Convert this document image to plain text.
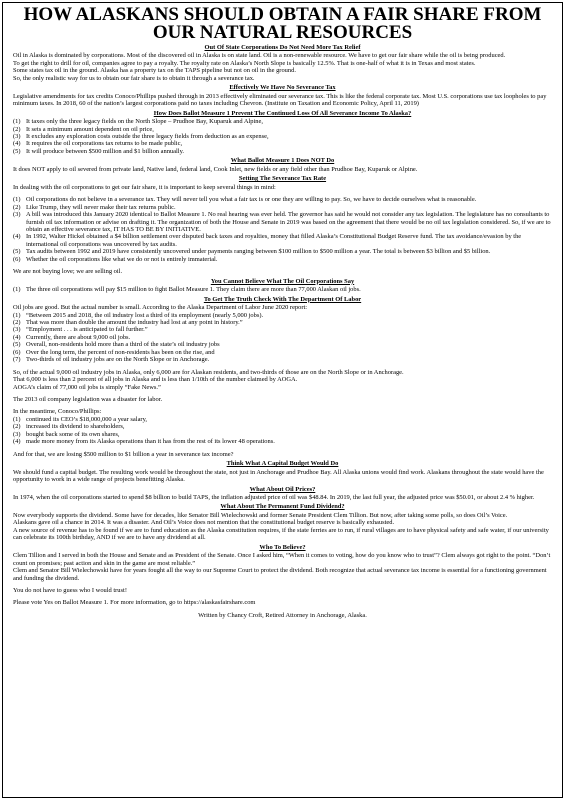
HOW ALASKANS SHOULD OBTAIN A FAIR SHARE FROM
OUR NATURAL RESOURCES
Out Of State Corporations Do Not Need More Tax Relief

Oil in Alaska is dominated by corporations. Most of the discovered oil in Alaska is on state land. Oil is a non-renewable resource. We have to get our fair share while the oil is being produced.

To get the right to drill for oil, companies agree to pay a royalty. The royalty rate on Alaska’s North Slope is basically 12.5%. That is one-half of what it is in Texas and most states.

Some states tax oil in the ground. Alaska has a property tax on the TAPS pipeline but not on oil in the ground.

So, the only realistic way for us to obtain our fair share is to obtain it through a severance tax.

Effectively We Have No Severance Tax

Legislative amendments for tax credits Conoco/Phillips pushed through in 2013 effectively eliminated our severance tax. This is like the federal corporate tax. Most U.S. corporations use tax loopholes to pay minimum taxes. In 2018, 60 of the nation’s largest corporations paid no taxes including Chevron. (Institute on Taxation and Economic Policy, April 11, 2019)

How Does Ballot Measure 1 Prevent The Continued Loss Of All Severance Income To Alaska?
(1) It taxes only the three legacy fields on the North Slope – Prudhoe Bay, Kuparuk and Alpine,
(2) It sets a minimum amount dependent on oil price,
(3) It excludes any exploration costs outside the three legacy fields from deduction as an expense,
(4) It requires the oil corporations tax returns to be made public,
(5) It will produce between $500 million and $1 billion annually.
What Ballot Measure 1 Does NOT Do

It does NOT apply to oil severed from private land, Native land, federal land, Cook Inlet, new fields or any field other than Prudhoe Bay, Kuparuk or Alpine.

Setting The Severance Tax Rate

In dealing with the oil corporations to get our fair share, it is important to keep several things in mind:

(1) Oil corporations do not believe in a severance tax. They will never tell you what a fair tax is or one they are willing to pay. So, we have to decide ourselves what is reasonable.
(2) Like Trump, they will never make their tax returns public.
(3) A bill was introduced this January 2020 identical to Ballot Measure 1. No real hearing was ever held. The governor has said he would not consider any tax legislation. The legislature has no consultants to furnish oil tax information or advise on drafting it. The organization of both the House and Senate in 2019 was based on the agreement that there would be no oil tax legislation considered. So, if we are to obtain an effective severance tax, IT HAS TO BE BY INITIATIVE.
(4) In 1992, Walter Hickel obtained a $4 billion settlement over disputed back taxes and royalties, money that filled Alaska’s Constitutional Budget Reserve fund. The tax avoidance/evasion by the international oil corporations was uncovered by tax audits.
(5) Tax audits between 1992 and 2019 have consistently uncovered under payments ranging between $100 million to $500 million a year. The total is between $3 billion and $5 billion.
(6) Whether the oil corporations like what we do or not is entirely immaterial.

We are not buying love; we are selling oil.

You Cannot Believe What The Oil Corporations Say
(1) The three oil corporations will pay $15 million to fight Ballot Measure 1. They claim there are more than 77,000 Alaskan oil jobs.
To Get The Truth Check With The Department Of Labor

Oil jobs are good. But the actual number is small. According to the Alaska Department of Labor June 2020 report:

(1) “Between 2015 and 2018, the oil industry lost a third of its employment (nearly 5,000 jobs).
(2) That was more than double the amount the industry had lost at any point in history.”
(3) “Employment . . . is anticipated to fall further.”
(4) Currently, there are about 9,000 oil jobs.
(5) Overall, non-residents hold more than a third of the state’s oil industry jobs
(6) Over the long term, the percent of non-residents has been on the rise, and
(7) Two-thirds of oil industry jobs are on the North Slope or in Anchorage.

So, of the actual 9,000 oil industry jobs in Alaska, only 6,000 are for Alaskan residents, and two-thirds of those are on the North Slope or in Anchorage.

That 6,000 is less than 2 percent of all jobs in Alaska and is less than 1/10th of the number claimed by AOGA.

AOGA’s claim of 77,000 oil jobs is simply “Fake News.”

The 2013 oil company legislation was a disaster for labor.

In the meantime, Conoco/Phillips:

(1) continued its CEO’s $18,000,000 a year salary,
(2) increased its dividend to shareholders,
(3) bought back some of its own shares,
(4) made more money from its Alaska operations than it has from the rest of its lower 48 operations.

And for that, we are losing $500 million to $1 billion a year in severance tax income?

Think What A Capital Budget Would Do

We should fund a capital budget. The resulting work would be throughout the state, not just in Anchorage and Prudhoe Bay. All Alaska unions would find work. Alaskans throughout the state would have the opportunity to work in a wide range of projects benefitting Alaska.

What About Oil Prices?

In 1974, when the oil corporations started to spend $8 billion to build TAPS, the inflation adjusted price of oil was $48.84. In 2019, the last full year, the adjusted price was $50.01, or about 2.4 % higher.

What About The Permanent Fund Dividend?

Now everybody supports the dividend. Some have for decades, like Senator Bill Wielechowski and former Senate President Clem Tillion. But now, after taking some polls, so does Oil’s Voice.

Alaskans gave oil a chance in 2014. It was a disaster. And Oil’s Voice does not mention that the constitutional budget reserve is basically exhausted.

A new source of revenue has to be found if we are to fund education as the Alaska constitution requires, if the state ferries are to run, if rural villages are to have physical safety and safe water, if our university can celebrate its 100th birthday, AND if we are to have any dividend at all.

Who To Believe?

Clem Tillion and I served in both the House and Senate and as President of the Senate. Once I asked him, “When it comes to voting, how do you know who to trust”? Clem always got right to the point. “Don’t count on promises; past action and skin in the game are most reliable.”

Clem and Senator Bill Wielechowski have for years fought all the way to our Supreme Court to protect the dividend. Both recognize that actual severance tax income is essential for a functioning government and funding the dividend.

You do not have to guess who I would trust!

Please vote Yes on Ballot Measure 1. For more information, go to https://alaskasfairshare.com

Written by Chancy Croft, Retired Attorney in Anchorage, Alaska.
